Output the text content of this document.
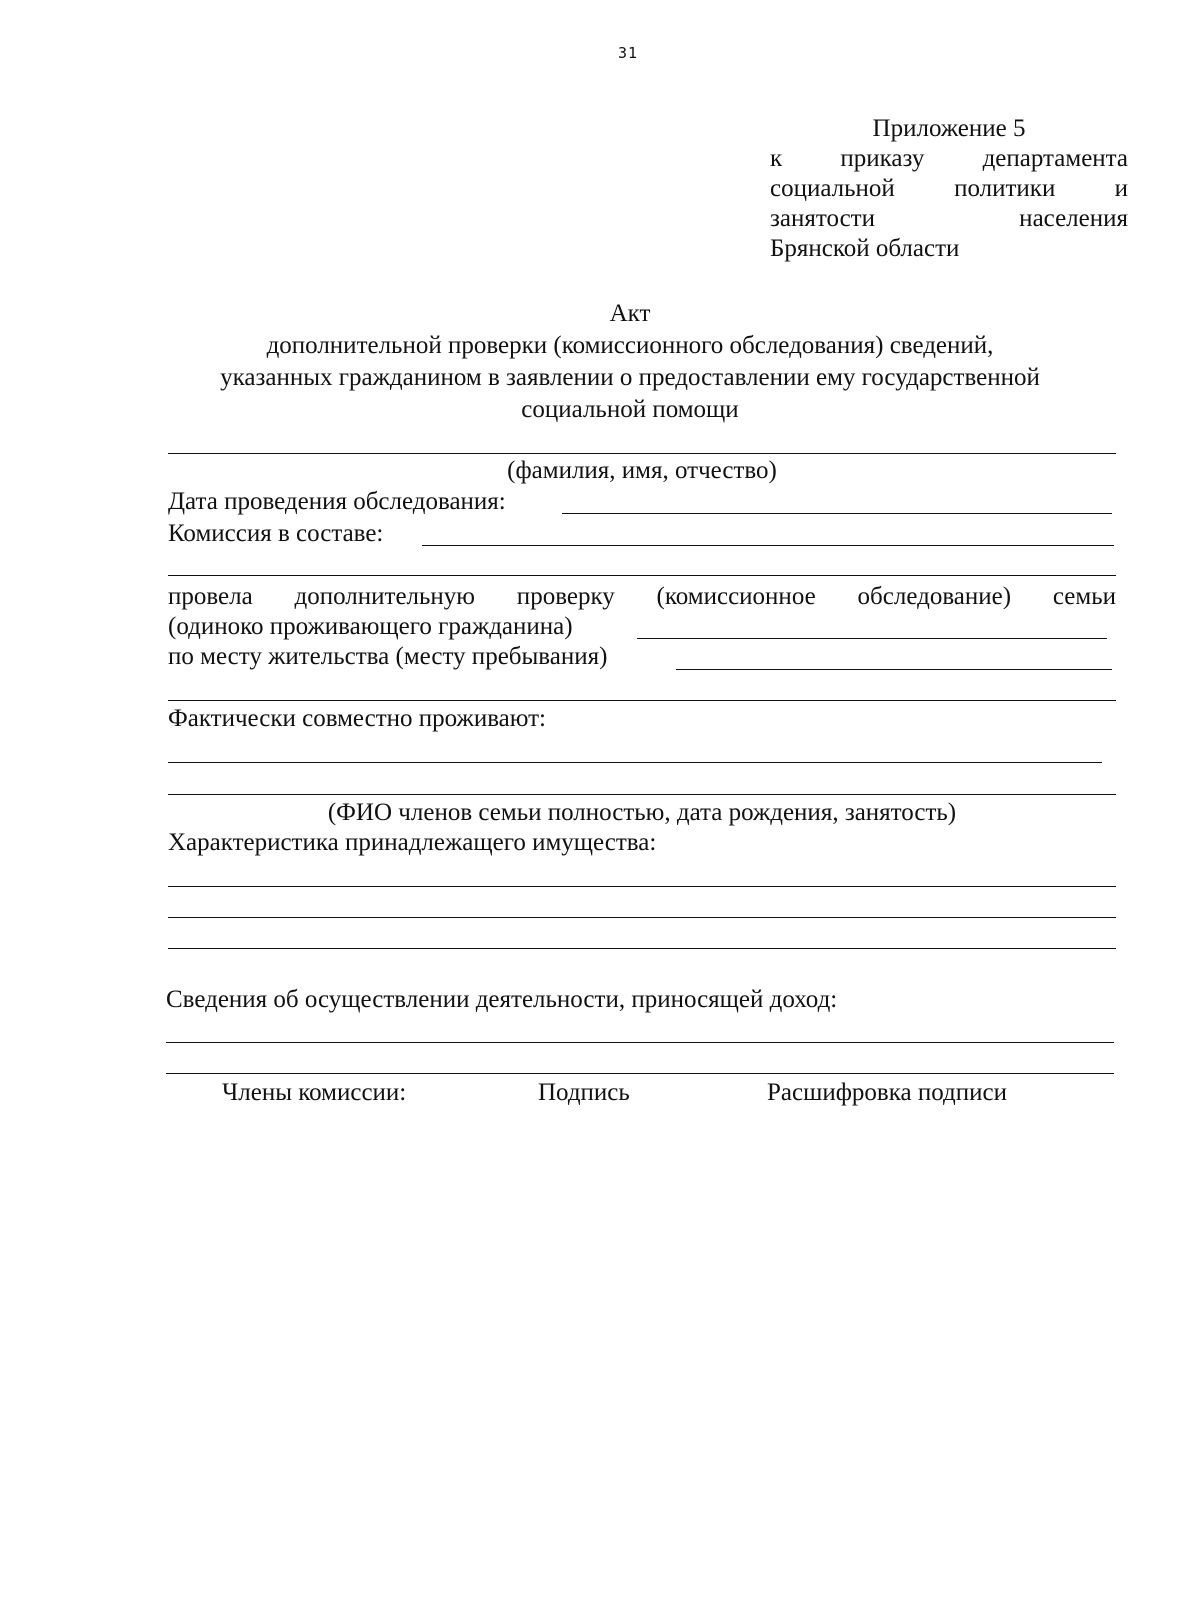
31
Приложение 5
к приказу департамента
социальной политики и
занятости населения
Брянской области
Акт
дополнительной проверки (комиссионного обследования) сведений,
указанных гражданином в заявлении о предоставлении ему государственной
социальной помощи
(фамилия, имя, отчество)
Дата проведения обследования:
Комиссия в составе:
провела дополнительную проверку (комиссионное обследование) семьи
(одиноко проживающего гражданина)
по месту жительства (месту пребывания)
Фактически совместно проживают:
(ФИО членов семьи полностью, дата рождения, занятость)
Характеристика принадлежащего имущества:
Сведения об осуществлении деятельности, приносящей доход:
Члены комиссии:	Подпись	Расшифровка подписи
